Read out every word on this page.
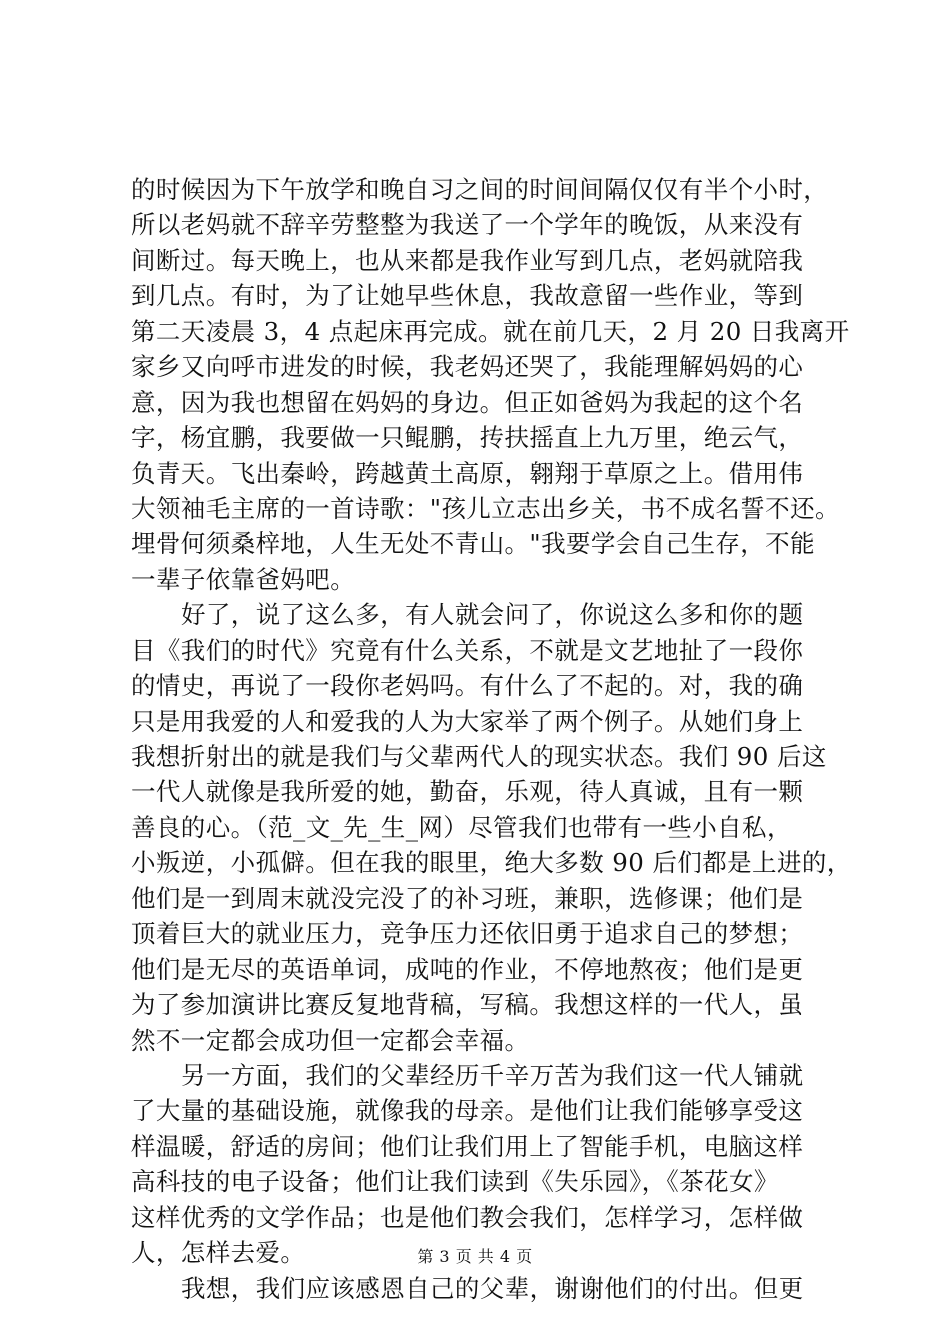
的时候因为下午放学和晚自习之间的时间间隔仅仅有半个小时，
所以老妈就不辞辛劳整整为我送了一个学年的晚饭，从来没有
间断过。每天晚上，也从来都是我作业写到几点，老妈就陪我
到几点。有时，为了让她早些休息，我故意留一些作业，等到
第二天凌晨 3，4 点起床再完成。就在前几天，2 月 20 日我离开
家乡又向呼市进发的时候，我老妈还哭了，我能理解妈妈的心
意，因为我也想留在妈妈的身边。但正如爸妈为我起的这个名
字，杨宜鹏，我要做一只鲲鹏，抟扶摇直上九万里，绝云气，
负青天。飞出秦岭，跨越黄土高原，翱翔于草原之上。借用伟
大领袖毛主席的一首诗歌："孩儿立志出乡关，书不成名誓不还。
埋骨何须桑梓地，人生无处不青山。"我要学会自己生存，不能
一辈子依靠爸妈吧。
好了，说了这么多，有人就会问了，你说这么多和你的题
目《我们的时代》究竟有什么关系，不就是文艺地扯了一段你
的情史，再说了一段你老妈吗。有什么了不起的。对，我的确
只是用我爱的人和爱我的人为大家举了两个例子。从她们身上
我想折射出的就是我们与父辈两代人的现实状态。我们 90 后这
一代人就像是我所爱的她，勤奋，乐观，待人真诚，且有一颗
善良的心。（范_文_先_生_网）尽管我们也带有一些小自私，
小叛逆，小孤僻。但在我的眼里，绝大多数 90 后们都是上进的，
他们是一到周末就没完没了的补习班，兼职，选修课；他们是
顶着巨大的就业压力，竞争压力还依旧勇于追求自己的梦想；
他们是无尽的英语单词，成吨的作业，不停地熬夜；他们是更
为了参加演讲比赛反复地背稿，写稿。我想这样的一代人，虽
然不一定都会成功但一定都会幸福。
另一方面，我们的父辈经历千辛万苦为我们这一代人铺就
了大量的基础设施，就像我的母亲。是他们让我们能够享受这
样温暖，舒适的房间；他们让我们用上了智能手机，电脑这样
高科技的电子设备；他们让我们读到《失乐园》，《茶花女》
这样优秀的文学作品；也是他们教会我们，怎样学习，怎样做
人，怎样去爱。
我想，我们应该感恩自己的父辈，谢谢他们的付出。但更
第 3 页 共 4 页
